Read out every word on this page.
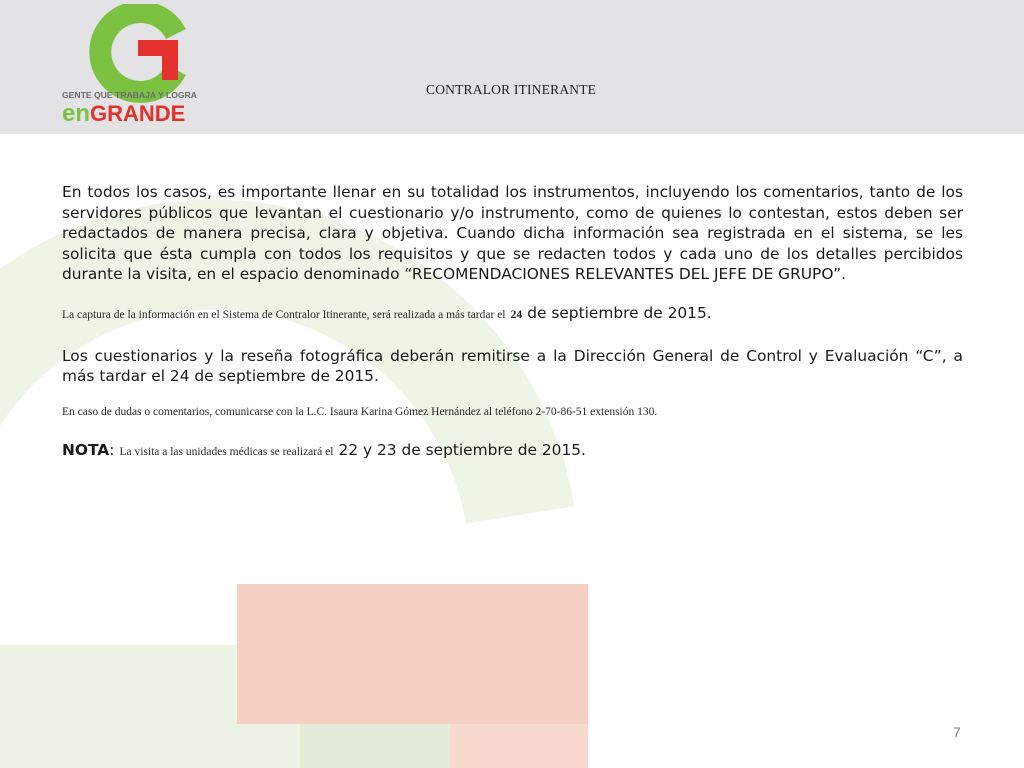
GENTE QUE TRABAJA Y LOGRA
en GRANDE
CONTRALOR ITINERANTE

En todos los casos, es importante llenar en su totalidad los instrumentos, incluyendo los comentarios, tanto de los servidores públicos que levantan el cuestionario y/o instrumento, como de quienes lo contestan, estos deben ser redactados de manera precisa, clara y objetiva. Cuando dicha información sea registrada en el sistema, se les solicita que ésta cumpla con todos los requisitos y que se redacten todos y cada uno de los detalles percibidos durante la visita, en el espacio denominado “RECOMENDACIONES RELEVANTES DEL JEFE DE GRUPO”.

La captura de la información en el Sistema de Contralor Itinerante, será realizada a más tardar el 24 de septiembre de 2015.

Los cuestionarios y la reseña fotográfica deberán remitirse a la Dirección General de Control y Evaluación “C”, a más tardar el 24 de septiembre de 2015.

En caso de dudas o comentarios, comunicarse con la L.C. Isaura Karina Gómez Hernández al teléfono 2-70-86-51 extensión 130.
NOTA: La visita a las unidades médicas se realizará el 22 y 23 de septiembre de 2015.
7
